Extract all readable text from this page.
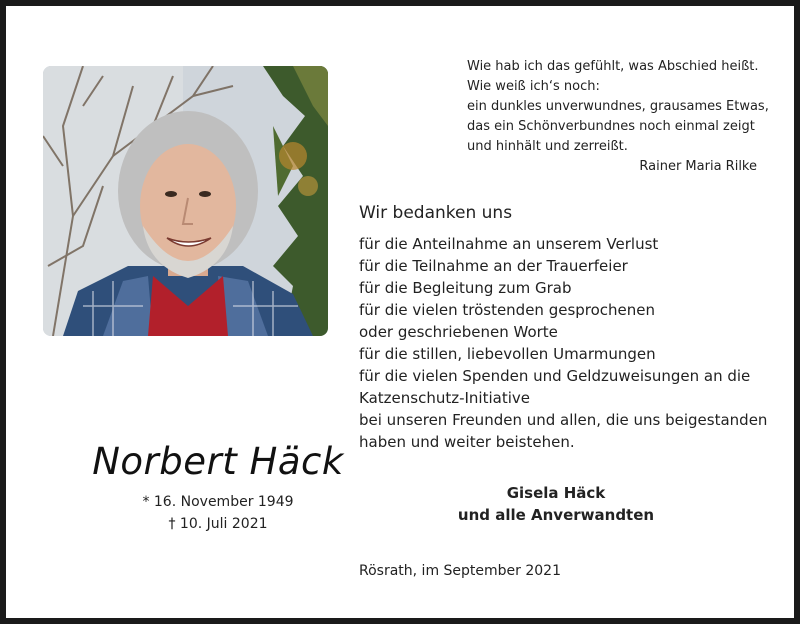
Norbert Häck
* 16. November 1949
† 10. Juli 2021
Wie hab ich das gefühlt, was Abschied heißt.
Wie weiß ich‘s noch:
ein dunkles unverwundnes, grausames Etwas,
das ein Schönverbundnes noch einmal zeigt
und hinhält und zerreißt.
Rainer Maria Rilke
Wir bedanken uns
für die Anteilnahme an unserem Verlust
für die Teilnahme an der Trauerfeier
für die Begleitung zum Grab
für die vielen tröstenden gesprochenen
oder geschriebenen Worte
für die stillen, liebevollen Umarmungen
für die vielen Spenden und Geldzuweisungen an die
Katzenschutz-Initiative
bei unseren Freunden und allen, die uns beigestanden
haben und weiter beistehen.
Gisela Häck
und alle Anverwandten
Rösrath, im September 2021
